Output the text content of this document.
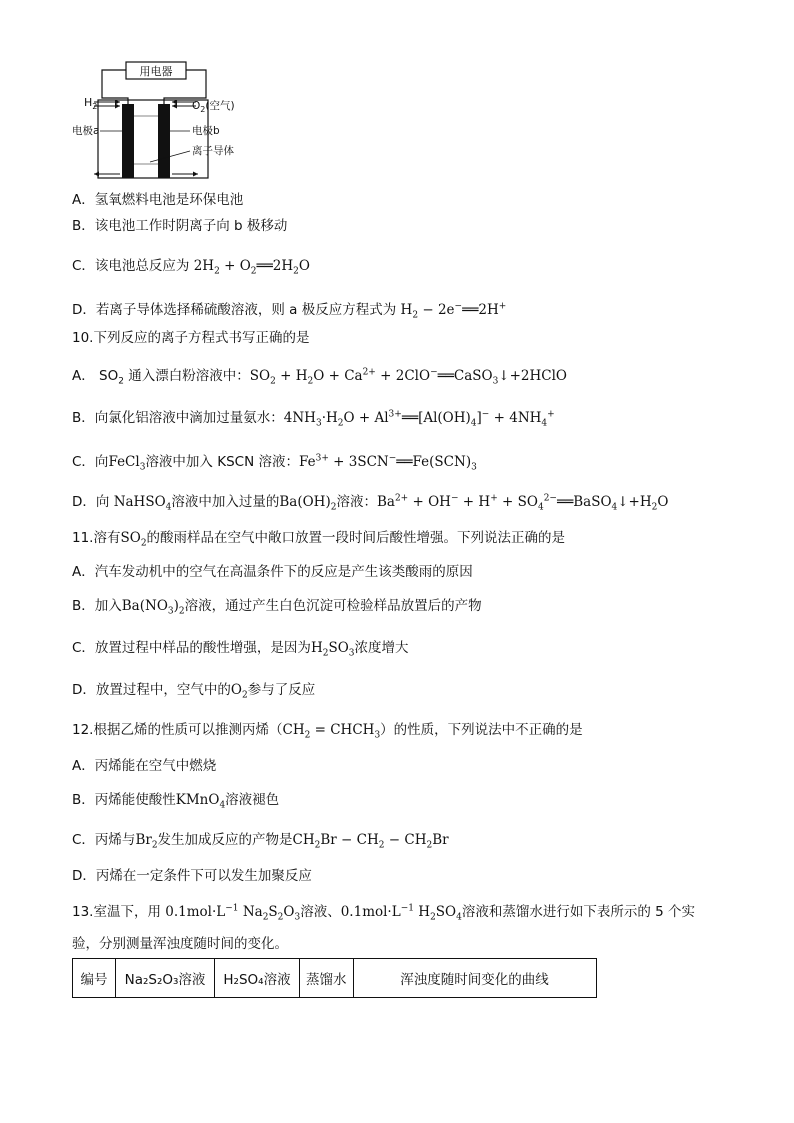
用电器
$H_2$	$O_2$(空气)
电极a	电极b
离子导体
A．氢氧燃料电池是环保电池
B．该电池工作时阴离子向 b 极移动
C．该电池总反应为 $2H_2$ + $O_2══2H_2O$
D．若离子导体选择稀硫酸溶液，则 a 极反应方程式为 $H_2$ − 2e−══2H+
10.下列反应的离子方程式书写正确的是
A． $SO_2$ 通入漂白粉溶液中：$SO_2 + H_2O + Ca^{2+}$ + 2ClO−══CaSO$_3$↓+2HClO
B．向氯化铝溶液中滴加过量氨水：$4NH_3\cdot H_2O$ + $Al^{3+}══[Al(OH)_4]^- + 4NH_4^+$
C．向FeCl$_3$溶液中加入 KSCN 溶液：$Fe^{3+}$ + $3SCN^-══Fe(SCN)_3$
D．向 NaHSO$_4$溶液中加入过量的$Ba(OH)_2$溶液：$Ba^{2+} + OH^- + H^+$ + $SO_4^{2-}══BaSO_4↓+H_2O$
11.溶有$SO_2$的酸雨样品在空气中敞口放置一段时间后酸性增强。下列说法正确的是
A．汽车发动机中的空气在高温条件下的反应是产生该类酸雨的原因
B．加入$Ba(NO_3)_2$溶液，通过产生白色沉淀可检验样品放置后的产物
C．放置过程中样品的酸性增强，是因为$H_2SO_3$浓度增大
D．放置过程中，空气中的$O_2$参与了反应
12.根据乙烯的性质可以推测丙烯（$CH_2$ = $CHCH_3$）的性质，下列说法中不正确的是
A．丙烯能在空气中燃烧
B．丙烯能使酸性KMnO$_4$溶液褪色
C．丙烯与$Br_2$发生加成反应的产物是$CH_2Br - CH_2 - CH_2Br$
D．丙烯在一定条件下可以发生加聚反应
13.室温下，用 $0.1mol\cdot L^{-1}$ $Na_2S_2O_3$溶液、$0.1mol\cdot L^{-1}$ $H_2SO_4$溶液和蒸馏水进行如下表所示的 5 个实
验，分别测量浑浊度随时间的变化。
编号	Na₂S₂O₃溶液	H₂SO₄溶液	蒸馏水	浑浊度随时间变化的曲线
